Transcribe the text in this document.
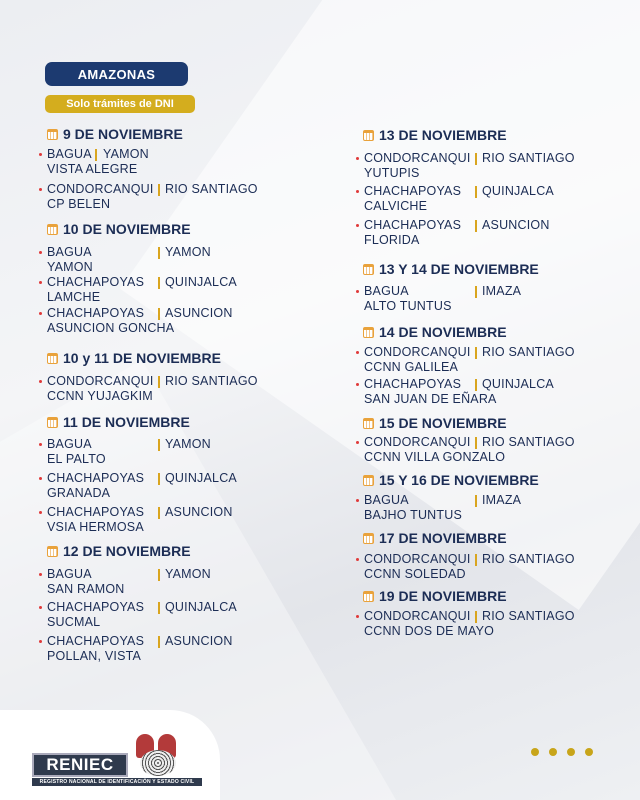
AMAZONAS
Solo trámites de DNI
9 DE NOVIEMBRE
BAGUA YAMON
VISTA ALEGRE
CONDORCANQUI RIO SANTIAGO
CP BELEN
10 DE NOVIEMBRE
BAGUA	YAMON
YAMON
CHACHAPOYAS QUINJALCA
LAMCHE
CHACHAPOYAS ASUNCION
ASUNCION GONCHA
10 y 11 DE NOVIEMBRE
CONDORCANQUI RIO SANTIAGO
CCNN YUJAGKIM
11 DE NOVIEMBRE
BAGUA	YAMON
EL PALTO
CHACHAPOYAS QUINJALCA
GRANADA
CHACHAPOYAS ASUNCION
VSIA HERMOSA
12 DE NOVIEMBRE
BAGUA	YAMON
SAN RAMON
CHACHAPOYAS QUINJALCA
SUCMAL
CHACHAPOYAS ASUNCION
POLLAN, VISTA
13 DE NOVIEMBRE
CONDORCANQUI RIO SANTIAGO
YUTUPIS
CHACHAPOYAS QUINJALCA
CALVICHE
CHACHAPOYAS ASUNCION
FLORIDA
13 Y 14 DE NOVIEMBRE
BAGUA	IMAZA
ALTO TUNTUS
14 DE NOVIEMBRE
CONDORCANQUI RIO SANTIAGO
CCNN GALILEA
CHACHAPOYAS QUINJALCA
SAN JUAN DE EÑARA
15 DE NOVIEMBRE
CONDORCANQUI RIO SANTIAGO
CCNN VILLA GONZALO
15 Y 16 DE NOVIEMBRE
BAGUA	IMAZA
BAJHO TUNTUS
17 DE NOVIEMBRE
CONDORCANQUI RIO SANTIAGO
CCNN SOLEDAD
19 DE NOVIEMBRE
CONDORCANQUI RIO SANTIAGO
CCNN DOS DE MAYO
RENIEC
REGISTRO NACIONAL DE IDENTIFICACIÓN Y ESTADO CIVIL
